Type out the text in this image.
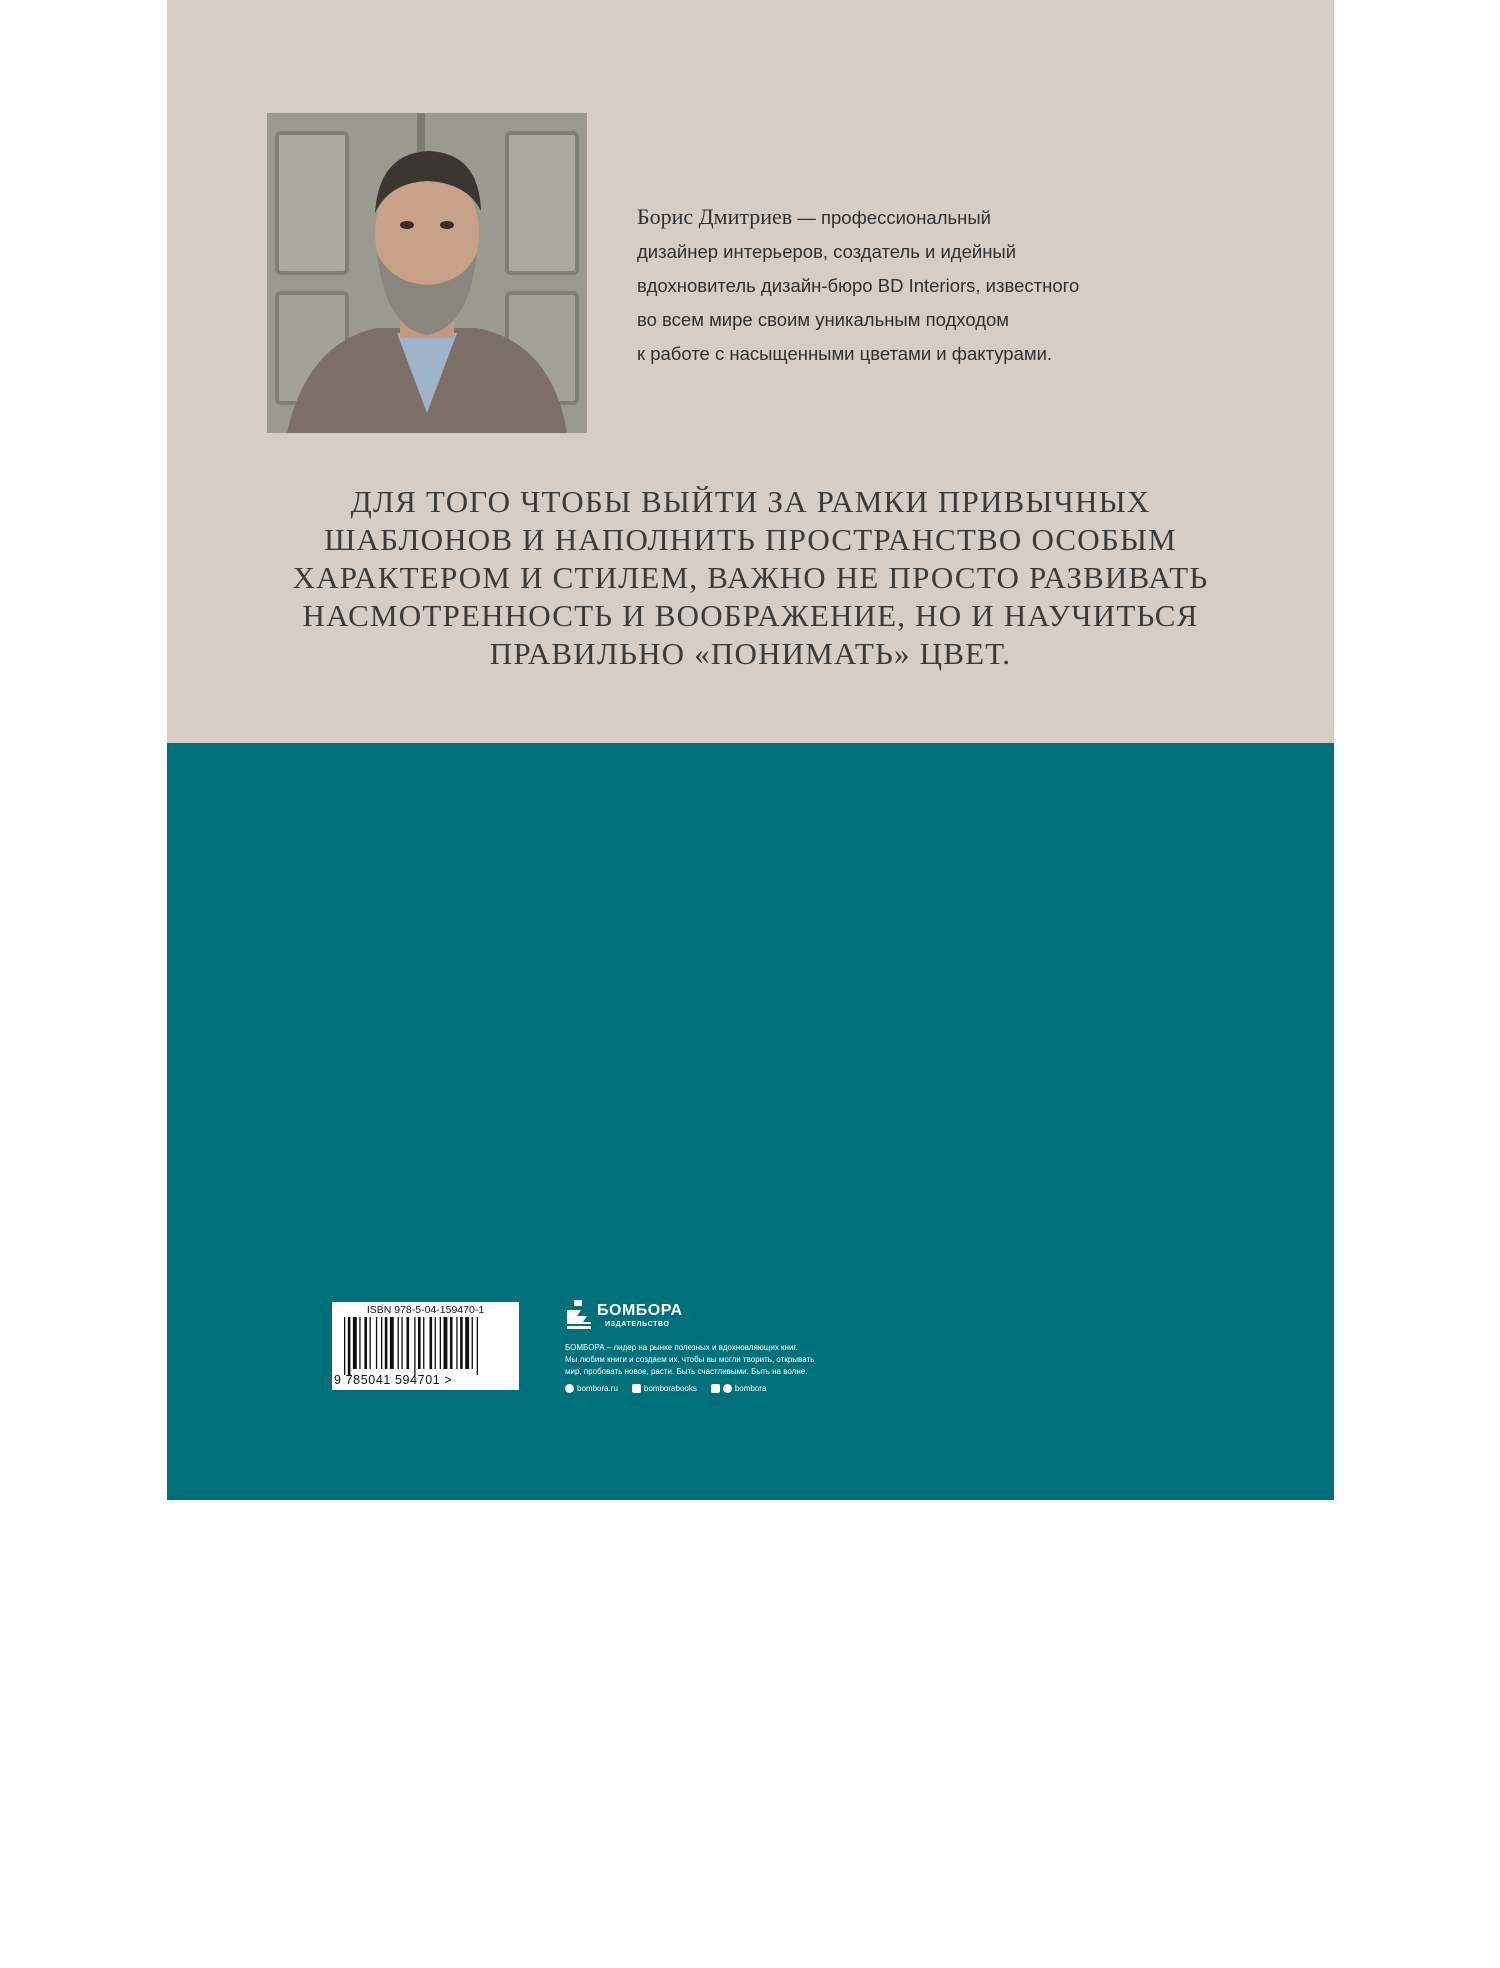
Борис Дмитриев — профессиональный
дизайнер интерьеров, создатель и идейный
вдохновитель дизайн-бюро BD Interiors, известного
во всем мире своим уникальным подходом
к работе с насыщенными цветами и фактурами.
ДЛЯ ТОГО ЧТОБЫ ВЫЙТИ ЗА РАМКИ ПРИВЫЧНЫХ
ШАБЛОНОВ И НАПОЛНИТЬ ПРОСТРАНСТВО ОСОБЫМ
ХАРАКТЕРОМ И СТИЛЕМ, ВАЖНО НЕ ПРОСТО РАЗВИВАТЬ
НАСМОТРЕННОСТЬ И ВООБРАЖЕНИЕ, НО И НАУЧИТЬСЯ
ПРАВИЛЬНО «ПОНИМАТЬ» ЦВЕТ.
«Я дружу с Борисом много лет и с большим интересом наблюдала за его
развитием в профессии декоратора пространства. Сегодня редко можно
встретить художника, который так способен работать с цветом, как
Борис. Каждый его проект наполнен магией красок, которые на первый
взгляд могут показаться несочетаемыми, но именно смелость и дерзость
позволяют ему создавать восхитительные, уникальные интерьеры.
Я считаю Бориса одним из лучших мировых специалистов и рада, что бла-
годаря этой книге возможность прочувствовать атмосферу его работ по-
явится и у вас».
Татьяна Кольцова,
президент модельного агентства Red Stars,
член правления благотворительного фонда «Зимний бал»
ISBN 978-5-04-159470-1
9 785041 594701 >
БОМБОРА
ИЗДАТЕЛЬСТВО
БОМБОРА – лидер на рынке полезных и вдохновляющих книг.
Мы любим книги и создаем их, чтобы вы могли творить, открывать
мир, пробовать новое, расти. Быть счастливыми. Быть на волне.
bombora.ru	bomborabooks	bombora
